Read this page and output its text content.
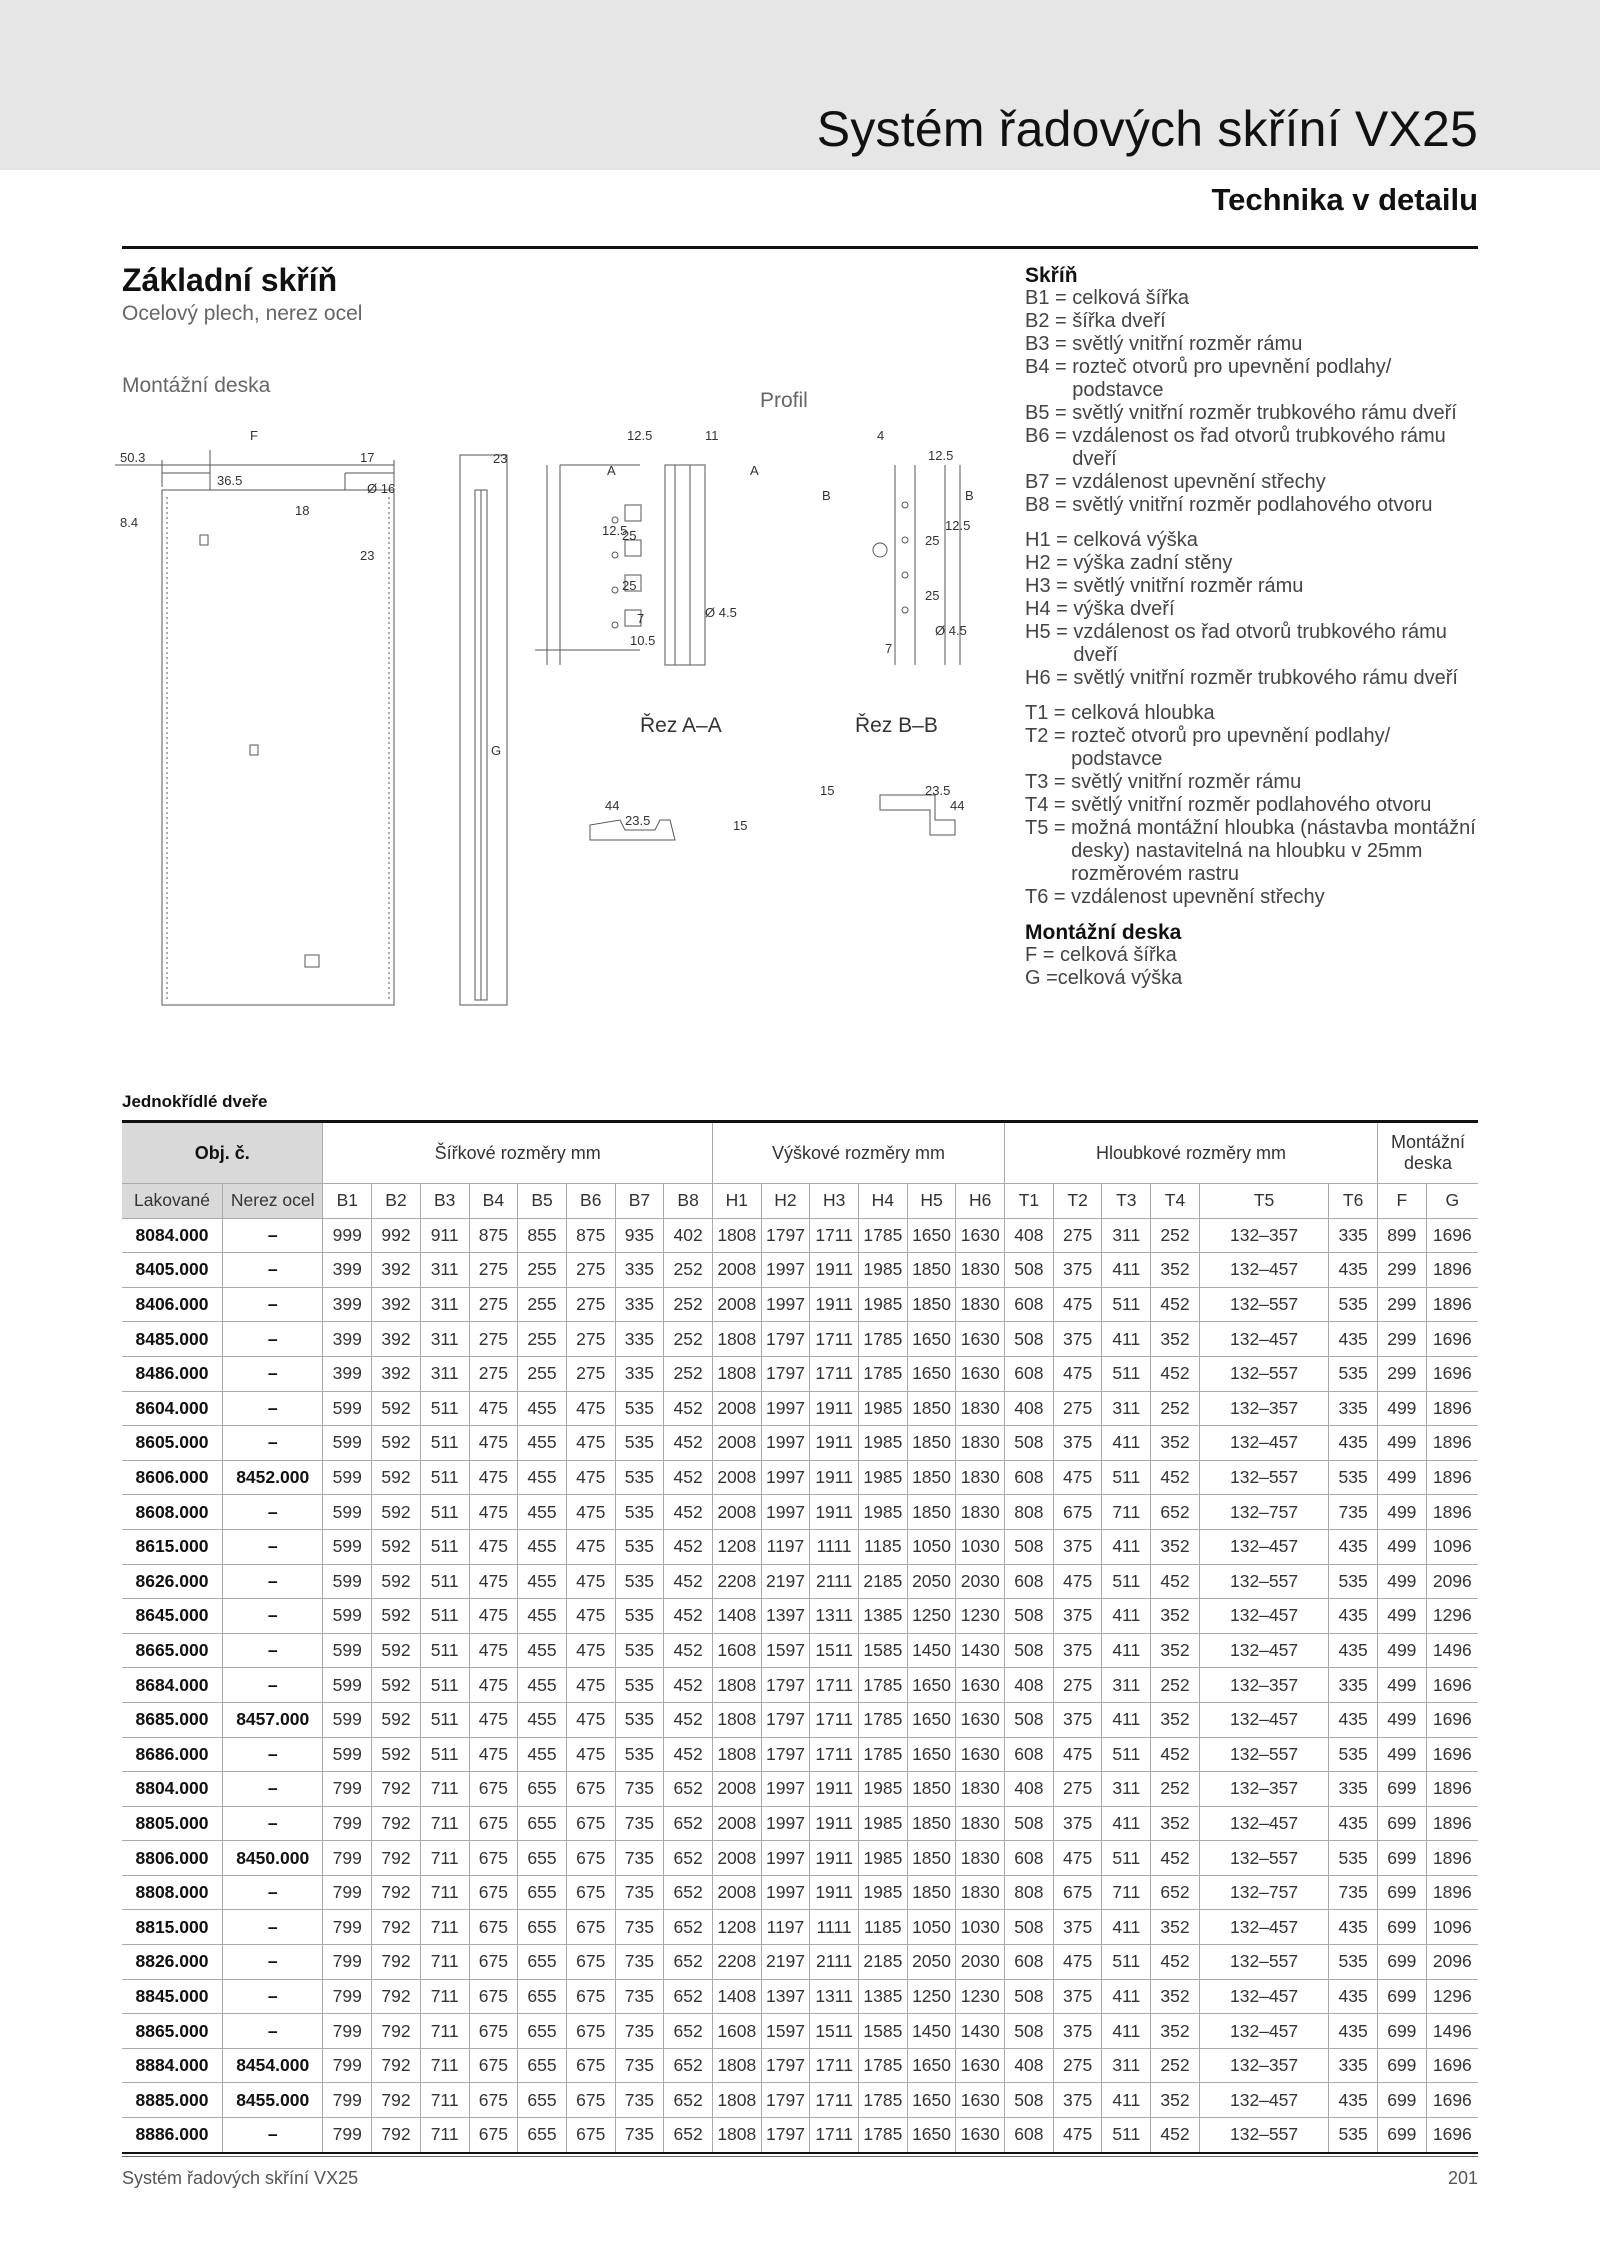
Systém řadových skříní VX25
Technika v detailu
Základní skříň
Ocelový plech, nerez ocel
Montážní deska
Profil
F
50.3
36.5
17
Ø 16
8.4
18
23
23
G
12.5	11
A	A
12.5
25
25
7
10.5
Ø 4.5
44
23.5	15
4
12.5
B	B
25
12.5
25
7
Ø 4.5
15	23.5
44
Řez A–A	Řez B–B
Skříň
B1 = celková šířka
B2 = šířka dveří
B3 = světlý vnitřní rozměr rámu
B4 = rozteč otvorů pro upevnění podlahy/ podstavce
B5 = světlý vnitřní rozměr trubkového rámu dveří
B6 = vzdálenost os řad otvorů trubkového rámu dveří
B7 = vzdálenost upevnění střechy
B8 = světlý vnitřní rozměr podlahového otvoru
H1 = celková výška
H2 = výška zadní stěny
H3 = světlý vnitřní rozměr rámu
H4 = výška dveří
H5 = vzdálenost os řad otvorů trubkového rámu dveří
H6 = světlý vnitřní rozměr trubkového rámu dveří
T1 = celková hloubka
T2 = rozteč otvorů pro upevnění podlahy/ podstavce
T3 = světlý vnitřní rozměr rámu
T4 = světlý vnitřní rozměr podlahového otvoru
T5 = možná montážní hloubka (nástavba montážní desky) nastavitelná na hloubku v 25mm rozměrovém rastru
T6 = vzdálenost upevnění střechy
Montážní deska
F = celková šířka
G = celková výška
Jednokřídlé dveře
Obj. č.		Šířkové rozměry mm								Výškové rozměry mm						Hloubkové rozměry mm						Montážní deska	
Lakované	Nerez ocel	B1	B2	B3	B4	B5	B6	B7	B8	H1	H2	H3	H4	H5	H6	T1	T2	T3	T4	T5	T6	F	G
8084.000	–	999	992	911	875	855	875	935	402	1808	1797	1711	1785	1650	1630	408	275	311	252	132–357	335	899	1696
8405.000	–	399	392	311	275	255	275	335	252	2008	1997	1911	1985	1850	1830	508	375	411	352	132–457	435	299	1896
8406.000	–	399	392	311	275	255	275	335	252	2008	1997	1911	1985	1850	1830	608	475	511	452	132–557	535	299	1896
8485.000	–	399	392	311	275	255	275	335	252	1808	1797	1711	1785	1650	1630	508	375	411	352	132–457	435	299	1696
8486.000	–	399	392	311	275	255	275	335	252	1808	1797	1711	1785	1650	1630	608	475	511	452	132–557	535	299	1696
8604.000	–	599	592	511	475	455	475	535	452	2008	1997	1911	1985	1850	1830	408	275	311	252	132–357	335	499	1896
8605.000	–	599	592	511	475	455	475	535	452	2008	1997	1911	1985	1850	1830	508	375	411	352	132–457	435	499	1896
8606.000	8452.000	599	592	511	475	455	475	535	452	2008	1997	1911	1985	1850	1830	608	475	511	452	132–557	535	499	1896
8608.000	–	599	592	511	475	455	475	535	452	2008	1997	1911	1985	1850	1830	808	675	711	652	132–757	735	499	1896
8615.000	–	599	592	511	475	455	475	535	452	1208	1197	1111	1185	1050	1030	508	375	411	352	132–457	435	499	1096
8626.000	–	599	592	511	475	455	475	535	452	2208	2197	2111	2185	2050	2030	608	475	511	452	132–557	535	499	2096
8645.000	–	599	592	511	475	455	475	535	452	1408	1397	1311	1385	1250	1230	508	375	411	352	132–457	435	499	1296
8665.000	–	599	592	511	475	455	475	535	452	1608	1597	1511	1585	1450	1430	508	375	411	352	132–457	435	499	1496
8684.000	–	599	592	511	475	455	475	535	452	1808	1797	1711	1785	1650	1630	408	275	311	252	132–357	335	499	1696
8685.000	8457.000	599	592	511	475	455	475	535	452	1808	1797	1711	1785	1650	1630	508	375	411	352	132–457	435	499	1696
8686.000	–	599	592	511	475	455	475	535	452	1808	1797	1711	1785	1650	1630	608	475	511	452	132–557	535	499	1696
8804.000	–	799	792	711	675	655	675	735	652	2008	1997	1911	1985	1850	1830	408	275	311	252	132–357	335	699	1896
8805.000	–	799	792	711	675	655	675	735	652	2008	1997	1911	1985	1850	1830	508	375	411	352	132–457	435	699	1896
8806.000	8450.000	799	792	711	675	655	675	735	652	2008	1997	1911	1985	1850	1830	608	475	511	452	132–557	535	699	1896
8808.000	–	799	792	711	675	655	675	735	652	2008	1997	1911	1985	1850	1830	808	675	711	652	132–757	735	699	1896
8815.000	–	799	792	711	675	655	675	735	652	1208	1197	1111	1185	1050	1030	508	375	411	352	132–457	435	699	1096
8826.000	–	799	792	711	675	655	675	735	652	2208	2197	2111	2185	2050	2030	608	475	511	452	132–557	535	699	2096
8845.000	–	799	792	711	675	655	675	735	652	1408	1397	1311	1385	1250	1230	508	375	411	352	132–457	435	699	1296
8865.000	–	799	792	711	675	655	675	735	652	1608	1597	1511	1585	1450	1430	508	375	411	352	132–457	435	699	1496
8884.000	8454.000	799	792	711	675	655	675	735	652	1808	1797	1711	1785	1650	1630	408	275	311	252	132–357	335	699	1696
8885.000	8455.000	799	792	711	675	655	675	735	652	1808	1797	1711	1785	1650	1630	508	375	411	352	132–457	435	699	1696
8886.000	–	799	792	711	675	655	675	735	652	1808	1797	1711	1785	1650	1630	608	475	511	452	132–557	535	699	1696
Systém řadových skříní VX25	201
